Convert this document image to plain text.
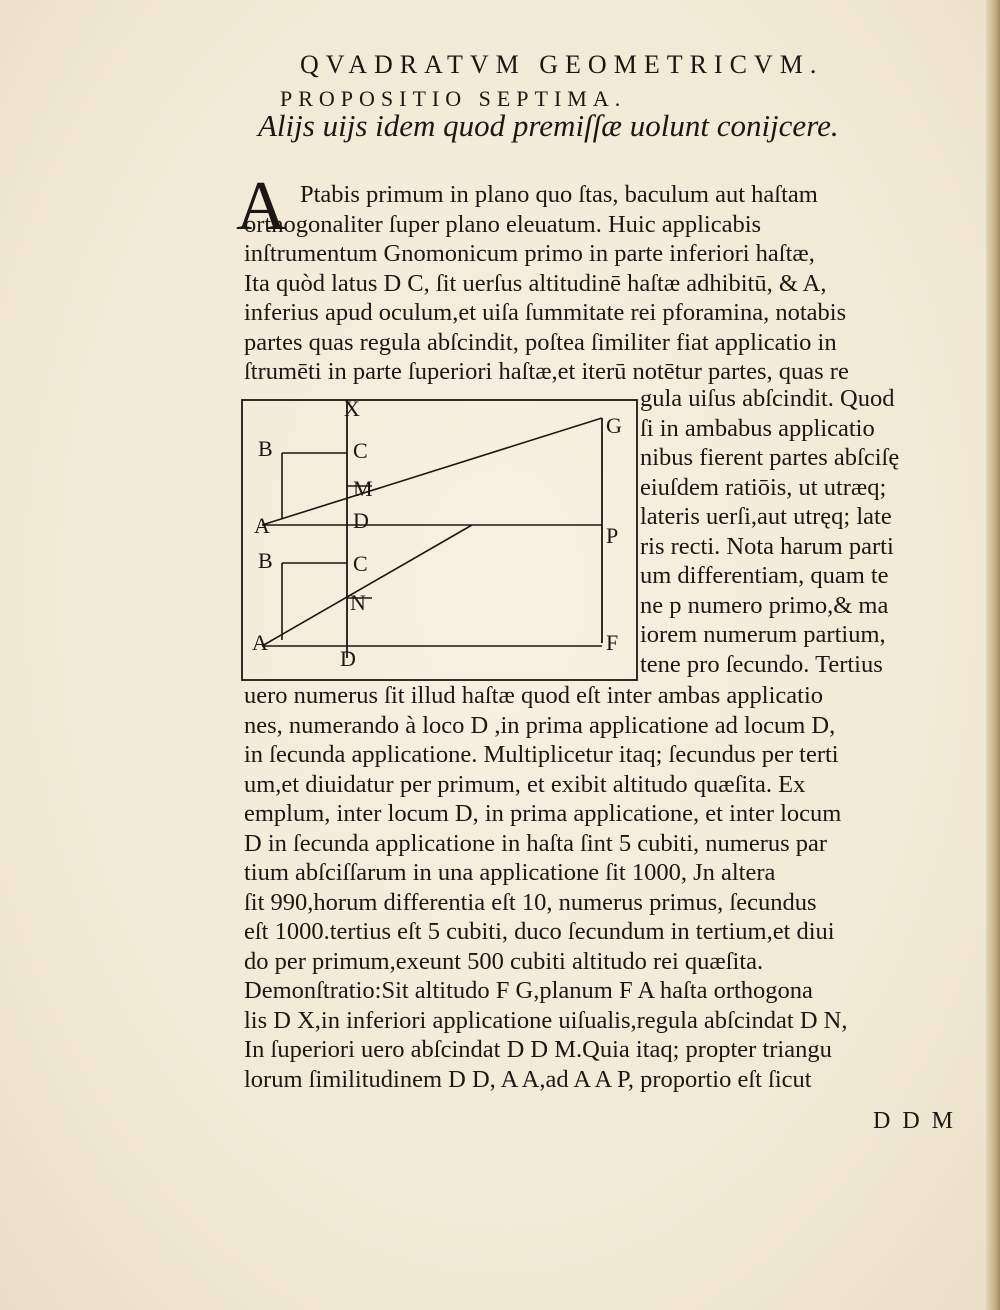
QVADRATVM GEOMETRICVM.
PROPOSITIO SEPTIMA.
Alijs uijs idem quod premiſſæ uolunt conijcere.
A Ptabis primum in plano quo ſtas, baculum aut haſtam
orthogonaliter ſuper plano eleuatum. Huic applicabis
inſtrumentum Gnomonicum primo in parte inferiori haſtæ,
Ita quòd latus D C, ſit uerſus altitudinē haſtæ adhibitū, & A,
inferius apud oculum,et uiſa ſummitate rei pforamina, notabis
partes quas regula abſcindit, poſtea ſimiliter fiat applicatio in
ſtrumēti in parte ſuperiori haſtæ,et iterū notētur partes, quas re
X
C
M
D
B
A
G
P
B	C
N
A
D
F
gula uiſus abſcindit. Quod
ſi in ambabus applicatio
nibus fierent partes abſciſę
eiuſdem ratiōis, ut utræq;
lateris uerſi,aut utręq; late
ris recti. Nota harum parti
um differentiam, quam te
ne p numero primo,& ma
iorem numerum partium,
tene pro ſecundo. Tertius
uero numerus ſit illud haſtæ quod eſt inter ambas applicatio
nes, numerando à loco D ,in prima applicatione ad locum D,
in ſecunda applicatione. Multiplicetur itaq; ſecundus per terti
um,et diuidatur per primum, et exibit altitudo quæſita. Ex
emplum, inter locum D, in prima applicatione, et inter locum
D in ſecunda applicatione in haſta ſint 5 cubiti, numerus par
tium abſciſſarum in una applicatione ſit 1000, Jn altera
ſit 990,horum differentia eſt 10, numerus primus, ſecundus
eſt 1000.tertius eſt 5 cubiti, duco ſecundum in tertium,et diui
do per primum,exeunt 500 cubiti altitudo rei quæſita.
Demonſtratio:Sit altitudo F G,planum F A haſta orthogona
lis D X,in inferiori applicatione uiſualis,regula abſcindat D N,
In ſuperiori uero abſcindat D D M.Quia itaq; propter triangu
lorum ſimilitudinem D D, A A,ad A A P, proportio eſt ſicut
D D M
